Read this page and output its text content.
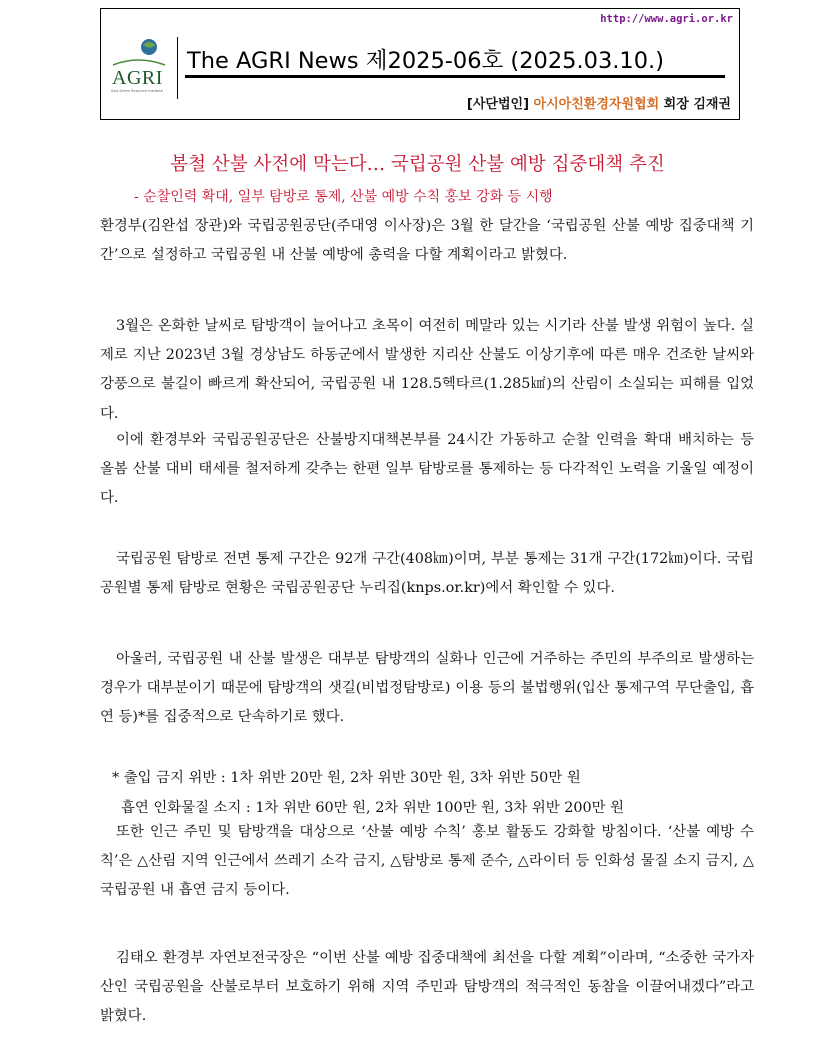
http://www.agri.or.kr
AGRI
Asia Green Resource Institute
The AGRI News 제2025-06호 (2025.03.10.)
[사단법인] 아시아친환경자원협회 회장 김재권
봄철 산불 사전에 막는다… 국립공원 산불 예방 집중대책 추진
- 순찰인력 확대, 일부 탐방로 통제, 산불 예방 수칙 홍보 강화 등 시행
환경부(김완섭 장관)와 국립공원공단(주대영 이사장)은 3월 한 달간을 ‘국립공원 산불 예방 집중대책 기간’으로 설정하고 국립공원 내 산불 예방에 총력을 다할 계획이라고 밝혔다.
3월은 온화한 날씨로 탐방객이 늘어나고 초목이 여전히 메말라 있는 시기라 산불 발생 위험이 높다. 실제로 지난 2023년 3월 경상남도 하동군에서 발생한 지리산 산불도 이상기후에 따른 매우 건조한 날씨와 강풍으로 불길이 빠르게 확산되어, 국립공원 내 128.5헥타르(1.285㎢)의 산림이 소실되는 피해를 입었다.
이에 환경부와 국립공원공단은 산불방지대책본부를 24시간 가동하고 순찰 인력을 확대 배치하는 등 올봄 산불 대비 태세를 철저하게 갖추는 한편 일부 탐방로를 통제하는 등 다각적인 노력을 기울일 예정이다.
국립공원 탐방로 전면 통제 구간은 92개 구간(408㎞)이며, 부분 통제는 31개 구간(172㎞)이다. 국립공원별 통제 탐방로 현황은 국립공원공단 누리집(knps.or.kr)에서 확인할 수 있다.
아울러, 국립공원 내 산불 발생은 대부분 탐방객의 실화나 인근에 거주하는 주민의 부주의로 발생하는 경우가 대부분이기 때문에 탐방객의 샛길(비법정탐방로) 이용 등의 불법행위(입산 통제구역 무단출입, 흡연 등)*를 집중적으로 단속하기로 했다.
* 출입 금지 위반 : 1차 위반 20만 원, 2차 위반 30만 원, 3차 위반 50만 원
흡연 인화물질 소지 : 1차 위반 60만 원, 2차 위반 100만 원, 3차 위반 200만 원
또한 인근 주민 및 탐방객을 대상으로 ‘산불 예방 수칙’ 홍보 활동도 강화할 방침이다. ‘산불 예방 수칙’은 △산림 지역 인근에서 쓰레기 소각 금지, △탐방로 통제 준수, △라이터 등 인화성 물질 소지 금지, △국립공원 내 흡연 금지 등이다.
김태오 환경부 자연보전국장은 “이번 산불 예방 집중대책에 최선을 다할 계획”이라며, “소중한 국가자산인 국립공원을 산불로부터 보호하기 위해 지역 주민과 탐방객의 적극적인 동참을 이끌어내겠다”라고 밝혔다.
